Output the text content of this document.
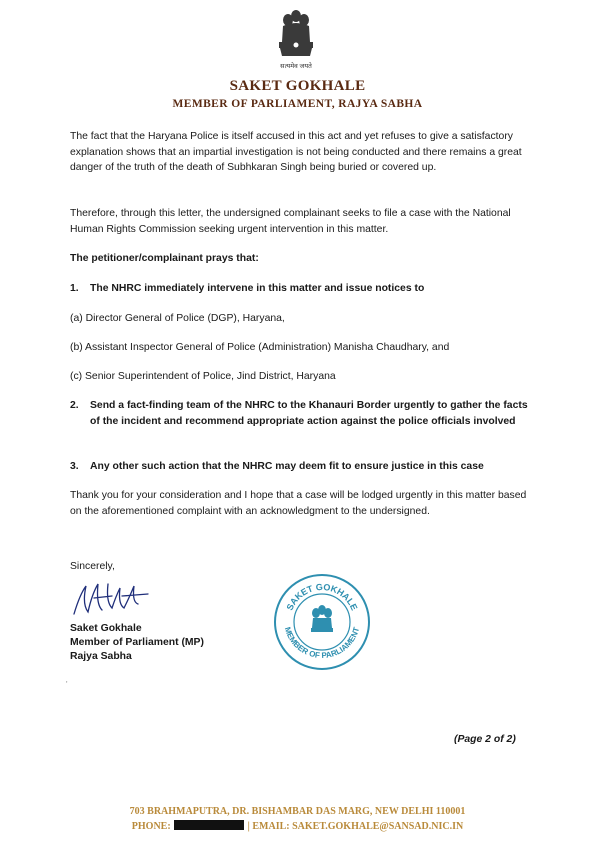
सत्यमेव जयते
SAKET GOKHALE
MEMBER OF PARLIAMENT, RAJYA SABHA
The fact that the Haryana Police is itself accused in this act and yet refuses to give a satisfactory explanation shows that an impartial investigation is not being conducted and there remains a great danger of the truth of the death of Subhkaran Singh being buried or covered up.
Therefore, through this letter, the undersigned complainant seeks to file a case with the National Human Rights Commission seeking urgent intervention in this matter.
The petitioner/complainant prays that:
1. The NHRC immediately intervene in this matter and issue notices to
(a) Director General of Police (DGP), Haryana,
(b) Assistant Inspector General of Police (Administration) Manisha Chaudhary, and
(c) Senior Superintendent of Police, Jind District, Haryana
2. Send a fact-finding team of the NHRC to the Khanauri Border urgently to gather the facts of the incident and recommend appropriate action against the police officials involved
3. Any other such action that the NHRC may deem fit to ensure justice in this case
Thank you for your consideration and I hope that a case will be lodged urgently in this matter based on the aforementioned complaint with an acknowledgment to the undersigned.
Sincerely,
Saket Gokhale
Member of Parliament (MP)
Rajya Sabha
SAKET GOKHALE
MEMBER OF PARLIAMENT
'
(Page 2 of 2)
703 BRAHMAPUTRA, DR. BISHAMBAR DAS MARG, NEW DELHI 110001
PHONE:	| EMAIL: SAKET.GOKHALE@SANSAD.NIC.IN
